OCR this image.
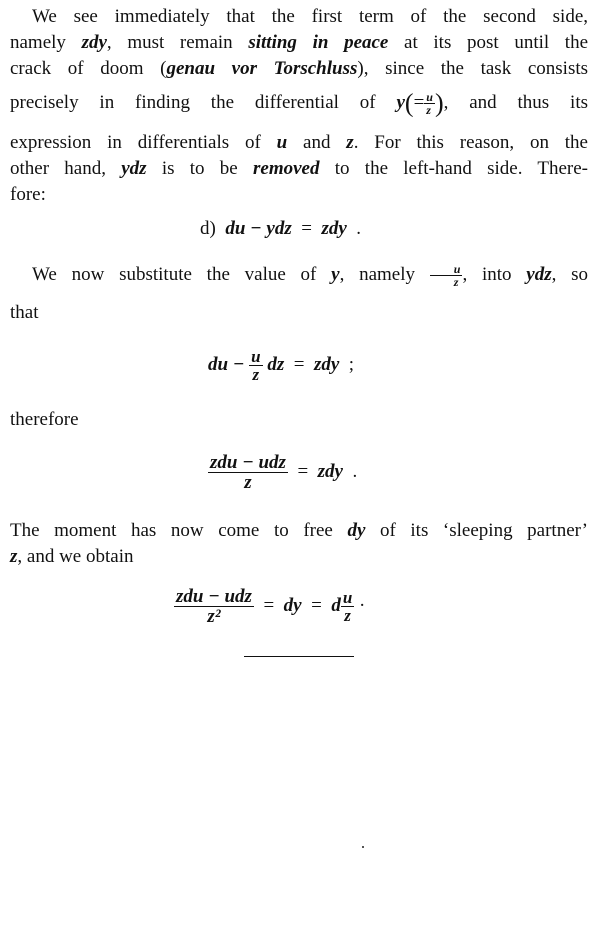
We see immediately that the first term of the second side,

namely zdy, must remain sitting in peace at its post until the

crack of doom (genau vor Torschluss), since the task consists

precisely in finding the differential of $y(= \frac{u}{z}$ ), and thus its

expression in differentials of u and z. For this reason, on the

other hand, ydz is to be removed to the left-hand side. There-

fore:

d) du − ydz = zdy .

We now substitute the value of y, namely $\frac{u}{z}$ , into ydz, so

that

du − $\frac{u}{z}$ dz = zdy ;

therefore

$\frac{\text{zdu − udz}}{z}$ = zdy .

The moment has now come to free dy of its ‘sleeping partner’

z, and we obtain

$\frac{\text{zdu − udz}}{\text{z²}}$ = dy = d $\frac{u}{z}$ ·
